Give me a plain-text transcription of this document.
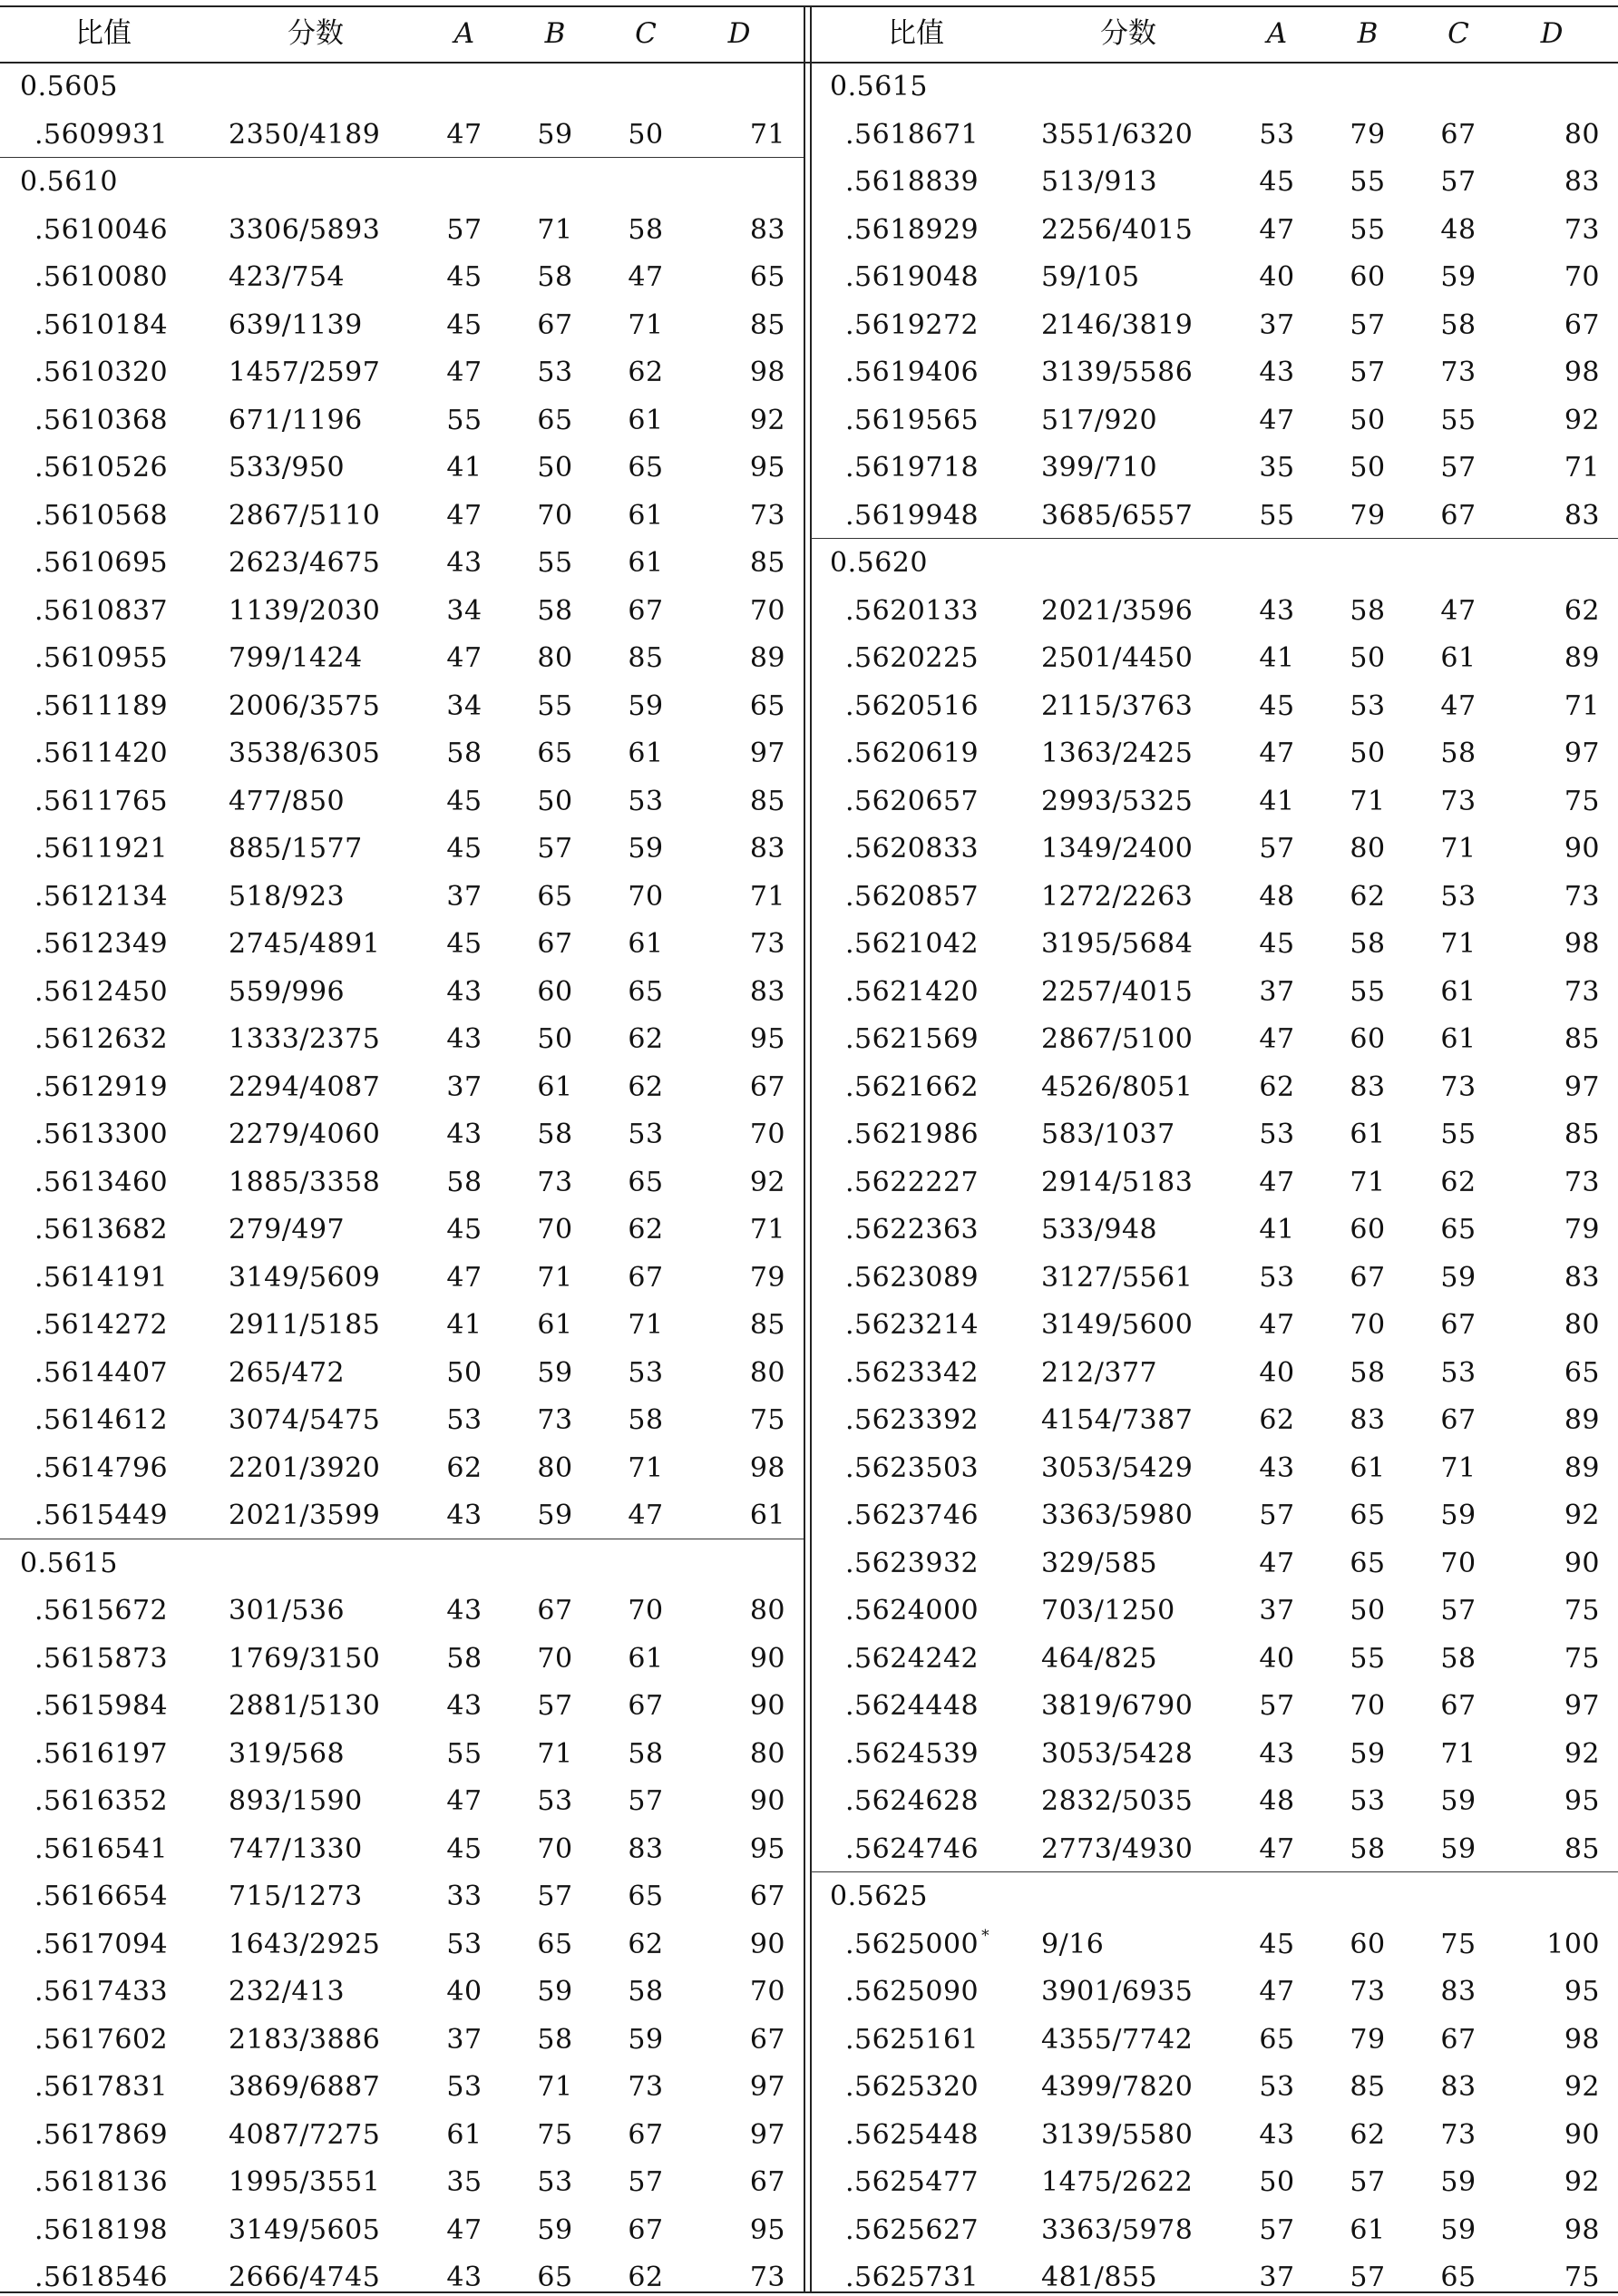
比值	分数	A	B	C	D	比值	分数	A	B	C	D
0.5605
.5609931 2350/4189	47	59	50	71
0.5610
.5610046 3306/5893	57	71	58	83
.5610080 423/754	45	58	47	65
.5610184 639/1139	45	67	71	85
.5610320 1457/2597	47	53	62	98
.5610368 671/1196	55	65	61	92
.5610526 533/950	41	50	65	95
.5610568 2867/5110	47	70	61	73
.5610695 2623/4675	43	55	61	85
.5610837 1139/2030	34	58	67	70
.5610955 799/1424	47	80	85	89
.5611189 2006/3575	34	55	59	65
.5611420 3538/6305	58	65	61	97
.5611765 477/850	45	50	53	85
.5611921 885/1577	45	57	59	83
.5612134 518/923	37	65	70	71
.5612349 2745/4891	45	67	61	73
.5612450 559/996	43	60	65	83
.5612632 1333/2375	43	50	62	95
.5612919 2294/4087	37	61	62	67
.5613300 2279/4060	43	58	53	70
.5613460 1885/3358	58	73	65	92
.5613682 279/497	45	70	62	71
.5614191 3149/5609	47	71	67	79
.5614272 2911/5185	41	61	71	85
.5614407 265/472	50	59	53	80
.5614612 3074/5475	53	73	58	75
.5614796 2201/3920	62	80	71	98
.5615449 2021/3599	43	59	47	61
0.5615
.5615672 301/536	43	67	70	80
.5615873 1769/3150	58	70	61	90
.5615984 2881/5130	43	57	67	90
.5616197 319/568	55	71	58	80
.5616352 893/1590	47	53	57	90
.5616541 747/1330	45	70	83	95
.5616654 715/1273	33	57	65	67
.5617094 1643/2925	53	65	62	90
.5617433 232/413	40	59	58	70
.5617602 2183/3886	37	58	59	67
.5617831 3869/6887	53	71	73	97
.5617869 4087/7275	61	75	67	97
.5618136 1995/3551	35	53	57	67
.5618198 3149/5605	47	59	67	95
.5618546 2666/4745	43	65	62	73
0.5615
.5618671 3551/6320	53	79	67	80
.5618839 513/913	45	55	57	83
.5618929 2256/4015	47	55	48	73
.5619048 59/105	40	60	59	70
.5619272 2146/3819	37	57	58	67
.5619406 3139/5586	43	57	73	98
.5619565 517/920	47	50	55	92
.5619718 399/710	35	50	57	71
.5619948 3685/6557	55	79	67	83
0.5620
.5620133 2021/3596	43	58	47	62
.5620225 2501/4450	41	50	61	89
.5620516 2115/3763	45	53	47	71
.5620619 1363/2425	47	50	58	97
.5620657 2993/5325	41	71	73	75
.5620833 1349/2400	57	80	71	90
.5620857 1272/2263	48	62	53	73
.5621042 3195/5684	45	58	71	98
.5621420 2257/4015	37	55	61	73
.5621569 2867/5100	47	60	61	85
.5621662 4526/8051	62	83	73	97
.5621986 583/1037	53	61	55	85
.5622227 2914/5183	47	71	62	73
.5622363 533/948	41	60	65	79
.5623089 3127/5561	53	67	59	83
.5623214 3149/5600	47	70	67	80
.5623342 212/377	40	58	53	65
.5623392 4154/7387	62	83	67	89
.5623503 3053/5429	43	61	71	89
.5623746 3363/5980	57	65	59	92
.5623932 329/585	47	65	70	90
.5624000 703/1250	37	50	57	75
.5624242 464/825	40	55	58	75
.5624448 3819/6790	57	70	67	97
.5624539 3053/5428	43	59	71	92
.5624628 2832/5035	48	53	59	95
.5624746 2773/4930	47	58	59	85
0.5625
.5625000 * 9/16	45	60	75	100
.5625090 3901/6935	47	73	83	95
.5625161 4355/7742	65	79	67	98
.5625320 4399/7820	53	85	83	92
.5625448 3139/5580	43	62	73	90
.5625477 1475/2622	50	57	59	92
.5625627 3363/5978	57	61	59	98
.5625731 481/855	37	57	65	75
